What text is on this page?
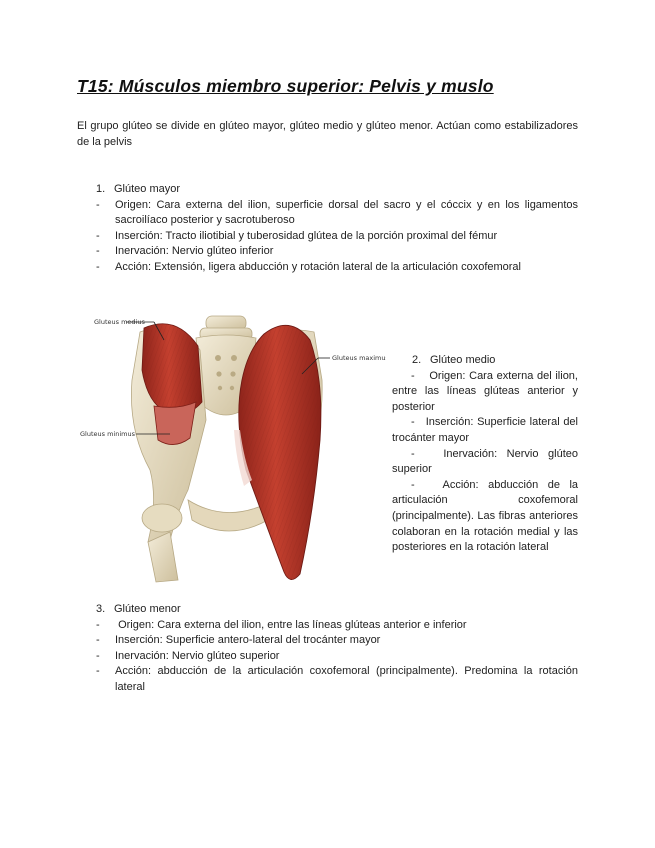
T15: Músculos miembro superior: Pelvis y muslo

El grupo glúteo se divide en glúteo mayor, glúteo medio y glúteo menor. Actúan como estabilizadores de la pelvis

1. Glúteo mayor
- Origen: Cara externa del ilion, superficie dorsal del sacro y el cóccix y en los ligamentos sacroilíaco posterior y sacrotuberoso
- Inserción: Tracto iliotibial y tuberosidad glútea de la porción proximal del fémur
- Inervación: Nervio glúteo inferior
- Acción: Extensión, ligera abducción y rotación lateral de la articulación coxofemoral
Gluteus medius
Gluteus maximus
Gluteus minimus
2. Glúteo medio
- Origen: Cara externa del ilion, entre las líneas glúteas anterior y posterior
- Inserción: Superficie lateral del trocánter mayor
-	Inervación: Nervio glúteo superior
-	Acción: abducción de la articulación coxofemoral (principalmente). Las fibras anteriores colaboran en la rotación medial y las posteriores en la rotación lateral
3. Glúteo menor
- Origen: Cara externa del ilion, entre las líneas glúteas anterior e inferior
- Inserción: Superficie antero-lateral del trocánter mayor
- Inervación: Nervio glúteo superior
- Acción: abducción de la articulación coxofemoral (principalmente). Predomina la rotación lateral
